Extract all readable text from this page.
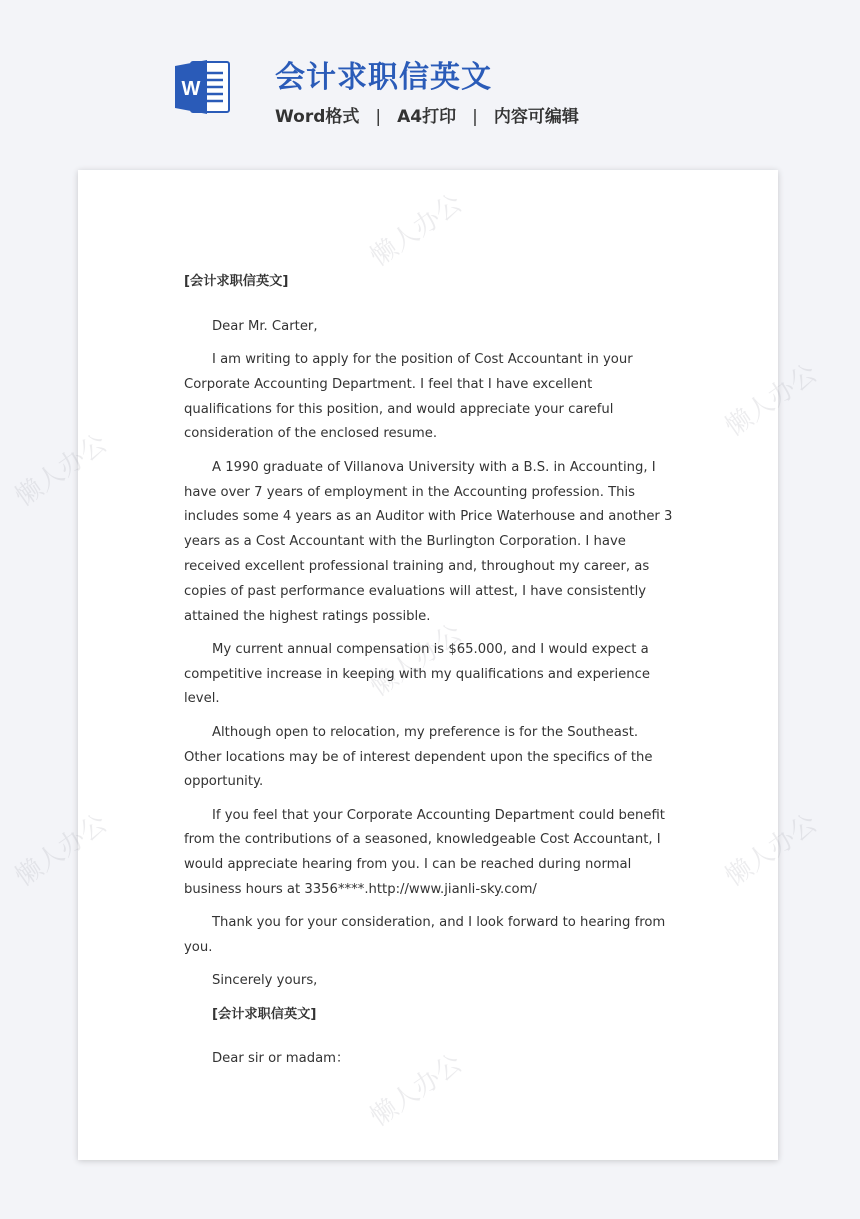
W 会计求职信英文
Word格式 | A4打印 | 内容可编辑
懒人办公
懒人办公
懒人办公
懒人办公
懒人办公	懒人办公
懒人办公
[会计求职信英文]

Dear Mr. Carter,

I am writing to apply for the position of Cost Accountant in your Corporate Accounting Department. I feel that I have excellent qualifications for this position, and would appreciate your careful consideration of the enclosed resume.

A 1990 graduate of Villanova University with a B.S. in Accounting, I have over 7 years of employment in the Accounting profession. This includes some 4 years as an Auditor with Price Waterhouse and another 3 years as a Cost Accountant with the Burlington Corporation. I have received excellent professional training and, throughout my career, as copies of past performance evaluations will attest, I have consistently attained the highest ratings possible.

My current annual compensation is $65.000, and I would expect a competitive increase in keeping with my qualifications and experience level.

Although open to relocation, my preference is for the Southeast. Other locations may be of interest dependent upon the specifics of the opportunity.

If you feel that your Corporate Accounting Department could benefit from the contributions of a seasoned, knowledgeable Cost Accountant, I would appreciate hearing from you. I can be reached during normal business hours at 3356****.http://www.jianli-sky.com/

Thank you for your consideration, and I look forward to hearing from you.

Sincerely yours,

[会计求职信英文]

Dear sir or madam：
